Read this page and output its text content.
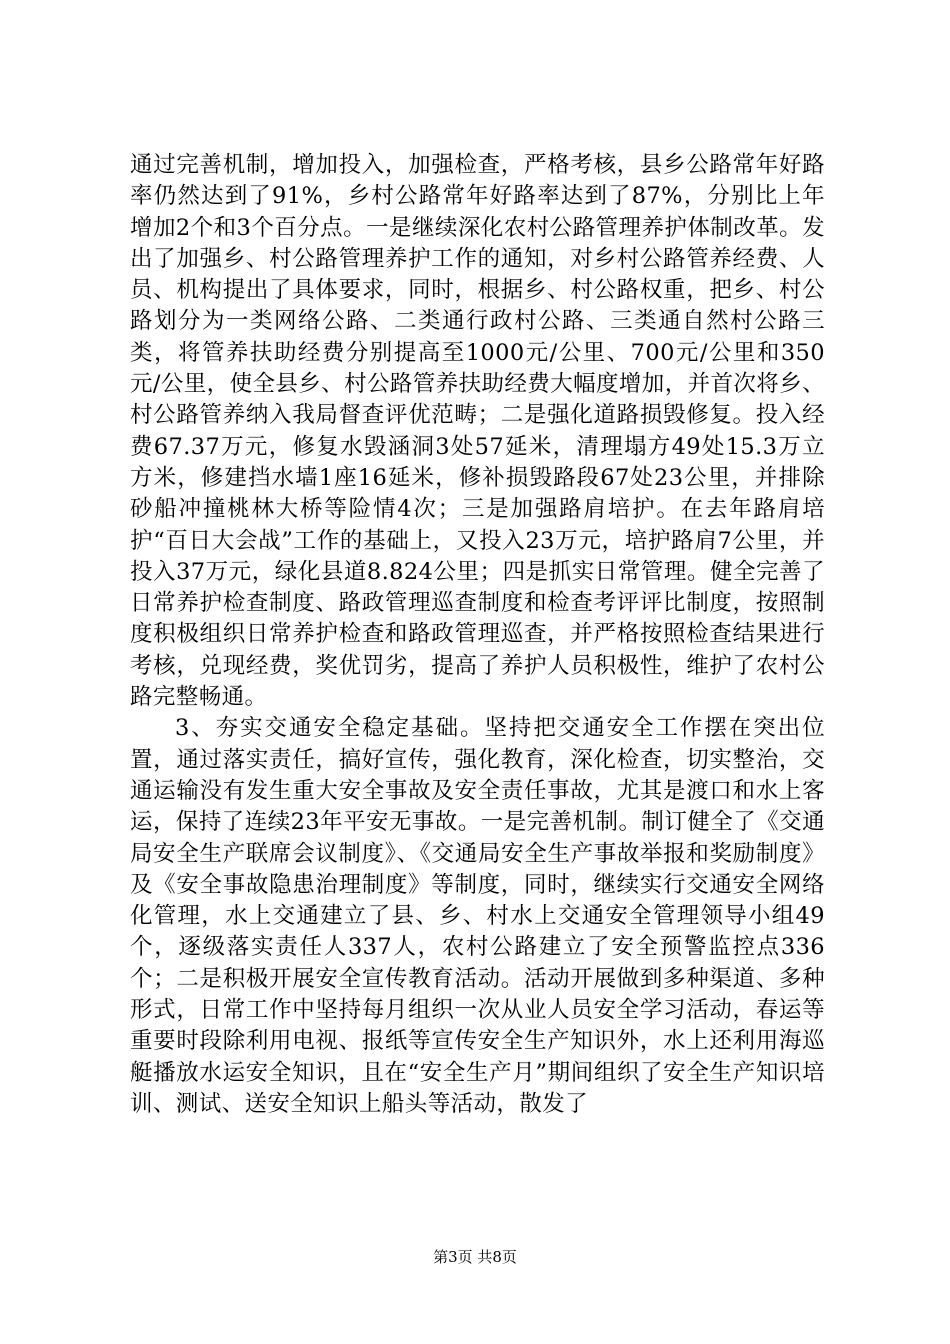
通过完善机制，增加投入，加强检查，严格考核，县乡公路常年好路率仍然达到了91%，乡村公路常年好路率达到了87%，分别比上年增加2个和3个百分点。一是继续深化农村公路管理养护体制改革。发出了加强乡、村公路管理养护工作的通知，对乡村公路管养经费、人员、机构提出了具体要求，同时，根据乡、村公路权重，把乡、村公路划分为一类网络公路、二类通行政村公路、三类通自然村公路三类，将管养扶助经费分别提高至1000元/公里、700元/公里和350元/公里，使全县乡、村公路管养扶助经费大幅度增加，并首次将乡、村公路管养纳入我局督查评优范畴；二是强化道路损毁修复。投入经费67.37万元，修复水毁涵洞3处57延米，清理塌方49处15.3万立方米，修建挡水墙1座16延米，修补损毁路段67处23公里，并排除砂船冲撞桃林大桥等险情4次；三是加强路肩培护。在去年路肩培护“百日大会战”工作的基础上，又投入23万元，培护路肩7公里，并投入37万元，绿化县道8.824公里；四是抓实日常管理。健全完善了日常养护检查制度、路政管理巡查制度和检查考评评比制度，按照制度积极组织日常养护检查和路政管理巡查，并严格按照检查结果进行考核，兑现经费，奖优罚劣，提高了养护人员积极性，维护了农村公路完整畅通。

3、夯实交通安全稳定基础。坚持把交通安全工作摆在突出位置，通过落实责任，搞好宣传，强化教育，深化检查，切实整治，交通运输没有发生重大安全事故及安全责任事故，尤其是渡口和水上客运，保持了连续23年平安无事故。一是完善机制。制订健全了《交通局安全生产联席会议制度》、《交通局安全生产事故举报和奖励制度》及《安全事故隐患治理制度》等制度，同时，继续实行交通安全网络化管理，水上交通建立了县、乡、村水上交通安全管理领导小组49个，逐级落实责任人337人，农村公路建立了安全预警监控点336个；二是积极开展安全宣传教育活动。活动开展做到多种渠道、多种形式，日常工作中坚持每月组织一次从业人员安全学习活动，春运等重要时段除利用电视、报纸等宣传安全生产知识外，水上还利用海巡艇播放水运安全知识，且在“安全生产月”期间组织了安全生产知识培训、测试、送安全知识上船头等活动，散发了

第3页 共8页
